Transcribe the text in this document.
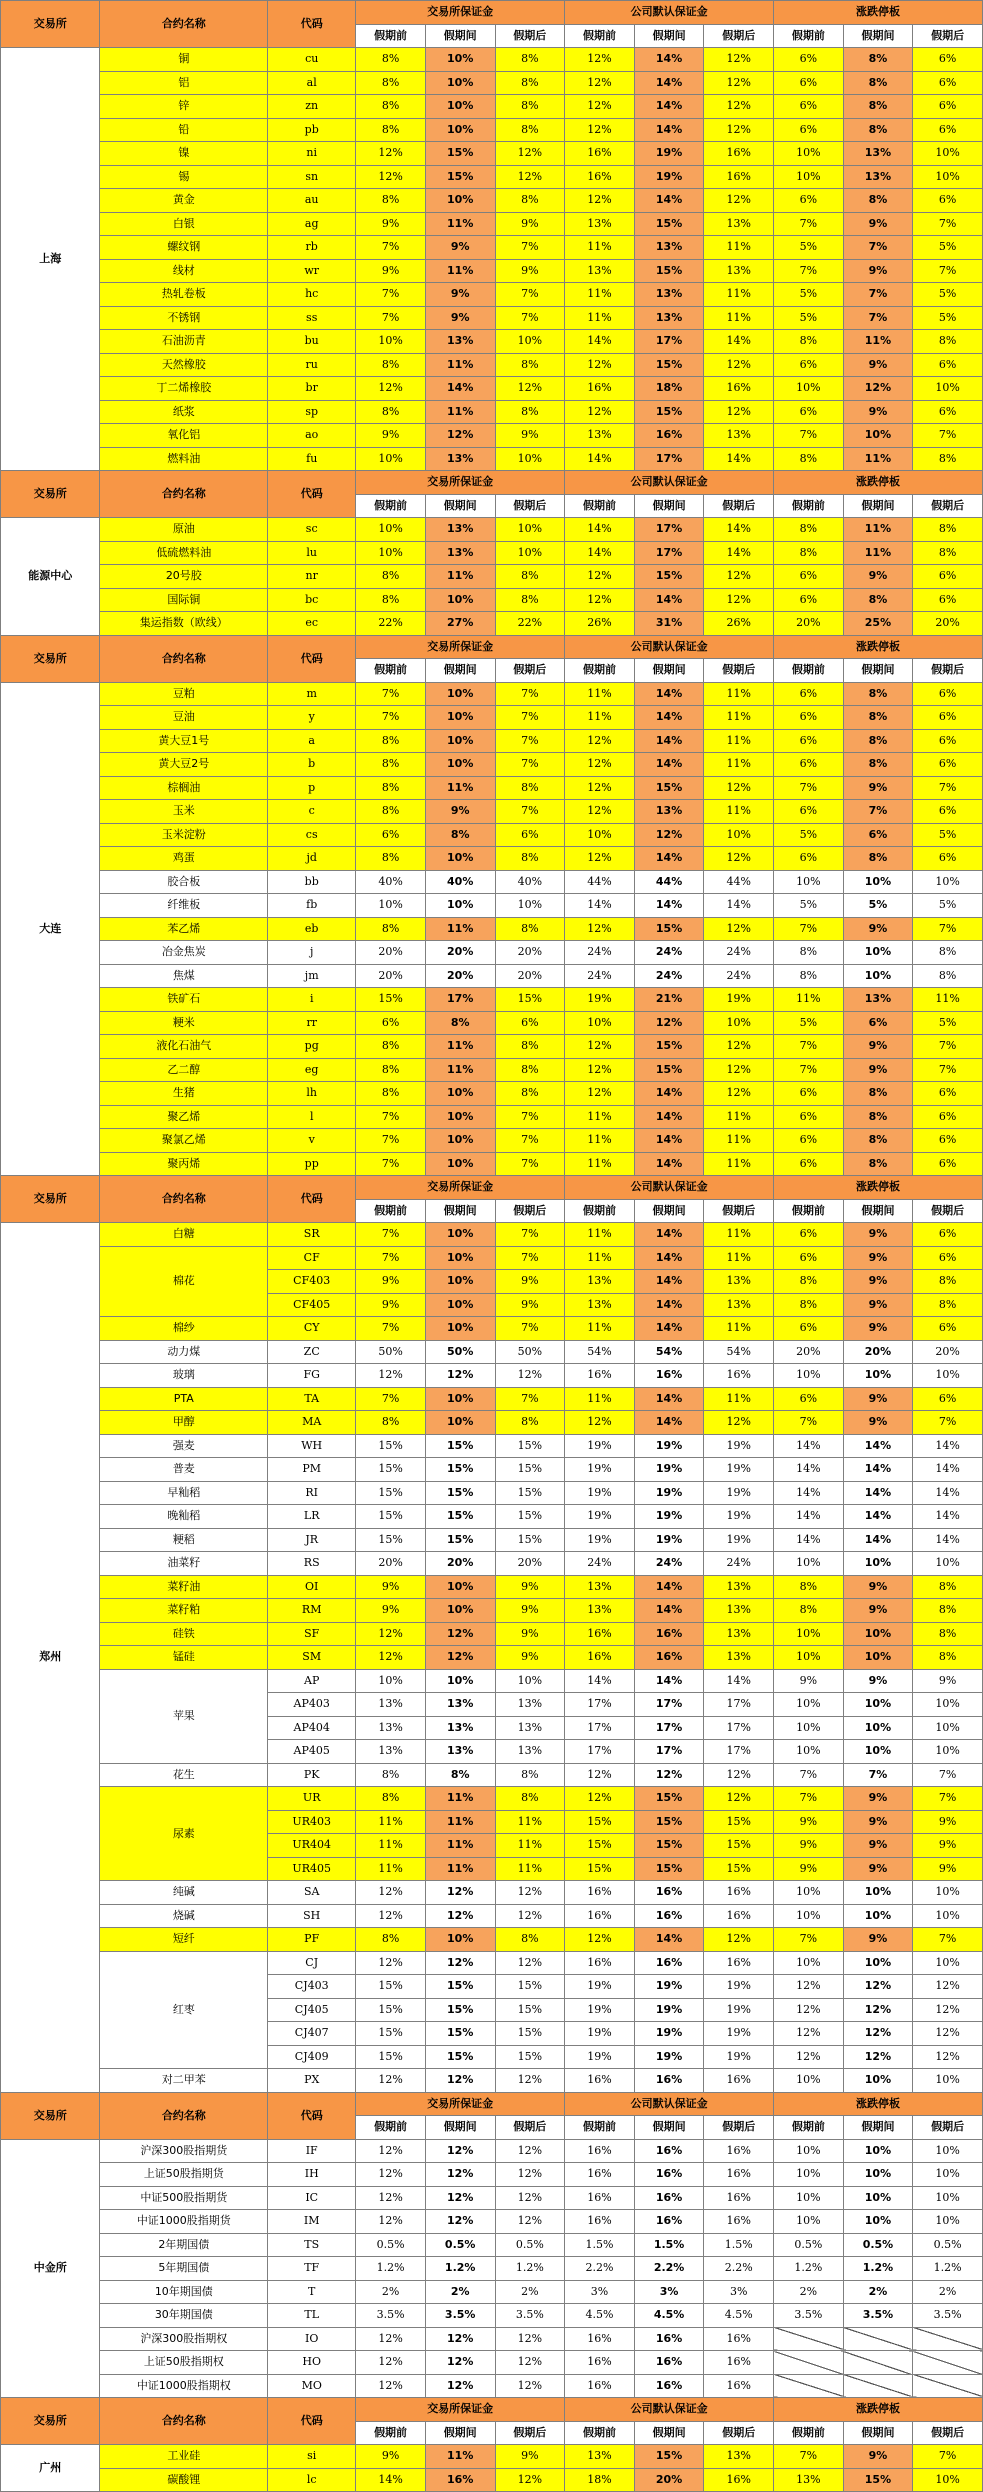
交易所	合约名称	代码	交易所保证金			公司默认保证金			涨跌停板		
			假期前	假期间	假期后	假期前	假期间	假期后	假期前	假期间	假期后
上海	铜	cu	8%	10%	8%	12%	14%	12%	6%	8%	6%
	铝	al	8%	10%	8%	12%	14%	12%	6%	8%	6%
	锌	zn	8%	10%	8%	12%	14%	12%	6%	8%	6%
	铅	pb	8%	10%	8%	12%	14%	12%	6%	8%	6%
	镍	ni	12%	15%	12%	16%	19%	16%	10%	13%	10%
	锡	sn	12%	15%	12%	16%	19%	16%	10%	13%	10%
	黄金	au	8%	10%	8%	12%	14%	12%	6%	8%	6%
	白银	ag	9%	11%	9%	13%	15%	13%	7%	9%	7%
	螺纹钢	rb	7%	9%	7%	11%	13%	11%	5%	7%	5%
	线材	wr	9%	11%	9%	13%	15%	13%	7%	9%	7%
	热轧卷板	hc	7%	9%	7%	11%	13%	11%	5%	7%	5%
	不锈钢	ss	7%	9%	7%	11%	13%	11%	5%	7%	5%
	石油沥青	bu	10%	13%	10%	14%	17%	14%	8%	11%	8%
	天然橡胶	ru	8%	11%	8%	12%	15%	12%	6%	9%	6%
	丁二烯橡胶	br	12%	14%	12%	16%	18%	16%	10%	12%	10%
	纸浆	sp	8%	11%	8%	12%	15%	12%	6%	9%	6%
	氧化铝	ao	9%	12%	9%	13%	16%	13%	7%	10%	7%
	燃料油	fu	10%	13%	10%	14%	17%	14%	8%	11%	8%
交易所	合约名称	代码	交易所保证金			公司默认保证金			涨跌停板		
			假期前	假期间	假期后	假期前	假期间	假期后	假期前	假期间	假期后
能源中心	原油	sc	10%	13%	10%	14%	17%	14%	8%	11%	8%
	低硫燃料油	lu	10%	13%	10%	14%	17%	14%	8%	11%	8%
	20号胶	nr	8%	11%	8%	12%	15%	12%	6%	9%	6%
	国际铜	bc	8%	10%	8%	12%	14%	12%	6%	8%	6%
	集运指数（欧线）	ec	22%	27%	22%	26%	31%	26%	20%	25%	20%
交易所	合约名称	代码	交易所保证金			公司默认保证金			涨跌停板		
			假期前	假期间	假期后	假期前	假期间	假期后	假期前	假期间	假期后
大连	豆粕	m	7%	10%	7%	11%	14%	11%	6%	8%	6%
	豆油	y	7%	10%	7%	11%	14%	11%	6%	8%	6%
	黄大豆1号	a	8%	10%	7%	12%	14%	11%	6%	8%	6%
	黄大豆2号	b	8%	10%	7%	12%	14%	11%	6%	8%	6%
	棕榈油	p	8%	11%	8%	12%	15%	12%	7%	9%	7%
	玉米	c	8%	9%	7%	12%	13%	11%	6%	7%	6%
	玉米淀粉	cs	6%	8%	6%	10%	12%	10%	5%	6%	5%
	鸡蛋	jd	8%	10%	8%	12%	14%	12%	6%	8%	6%
	胶合板	bb	40%	40%	40%	44%	44%	44%	10%	10%	10%
	纤维板	fb	10%	10%	10%	14%	14%	14%	5%	5%	5%
	苯乙烯	eb	8%	11%	8%	12%	15%	12%	7%	9%	7%
	冶金焦炭	j	20%	20%	20%	24%	24%	24%	8%	10%	8%
	焦煤	jm	20%	20%	20%	24%	24%	24%	8%	10%	8%
	铁矿石	i	15%	17%	15%	19%	21%	19%	11%	13%	11%
	粳米	rr	6%	8%	6%	10%	12%	10%	5%	6%	5%
	液化石油气	pg	8%	11%	8%	12%	15%	12%	7%	9%	7%
	乙二醇	eg	8%	11%	8%	12%	15%	12%	7%	9%	7%
	生猪	lh	8%	10%	8%	12%	14%	12%	6%	8%	6%
	聚乙烯	l	7%	10%	7%	11%	14%	11%	6%	8%	6%
	聚氯乙烯	v	7%	10%	7%	11%	14%	11%	6%	8%	6%
	聚丙烯	pp	7%	10%	7%	11%	14%	11%	6%	8%	6%
交易所	合约名称	代码	交易所保证金			公司默认保证金			涨跌停板		
			假期前	假期间	假期后	假期前	假期间	假期后	假期前	假期间	假期后
郑州	白糖	SR	7%	10%	7%	11%	14%	11%	6%	9%	6%
	棉花	CF	7%	10%	7%	11%	14%	11%	6%	9%	6%
		CF403	9%	10%	9%	13%	14%	13%	8%	9%	8%
		CF405	9%	10%	9%	13%	14%	13%	8%	9%	8%
	棉纱	CY	7%	10%	7%	11%	14%	11%	6%	9%	6%
	动力煤	ZC	50%	50%	50%	54%	54%	54%	20%	20%	20%
	玻璃	FG	12%	12%	12%	16%	16%	16%	10%	10%	10%
	PTA	TA	7%	10%	7%	11%	14%	11%	6%	9%	6%
	甲醇	MA	8%	10%	8%	12%	14%	12%	7%	9%	7%
	强麦	WH	15%	15%	15%	19%	19%	19%	14%	14%	14%
	普麦	PM	15%	15%	15%	19%	19%	19%	14%	14%	14%
	早籼稻	RI	15%	15%	15%	19%	19%	19%	14%	14%	14%
	晚籼稻	LR	15%	15%	15%	19%	19%	19%	14%	14%	14%
	粳稻	JR	15%	15%	15%	19%	19%	19%	14%	14%	14%
	油菜籽	RS	20%	20%	20%	24%	24%	24%	10%	10%	10%
	菜籽油	OI	9%	10%	9%	13%	14%	13%	8%	9%	8%
	菜籽粕	RM	9%	10%	9%	13%	14%	13%	8%	9%	8%
	硅铁	SF	12%	12%	9%	16%	16%	13%	10%	10%	8%
	锰硅	SM	12%	12%	9%	16%	16%	13%	10%	10%	8%
	苹果	AP	10%	10%	10%	14%	14%	14%	9%	9%	9%
		AP403	13%	13%	13%	17%	17%	17%	10%	10%	10%
		AP404	13%	13%	13%	17%	17%	17%	10%	10%	10%
		AP405	13%	13%	13%	17%	17%	17%	10%	10%	10%
	花生	PK	8%	8%	8%	12%	12%	12%	7%	7%	7%
	尿素	UR	8%	11%	8%	12%	15%	12%	7%	9%	7%
		UR403	11%	11%	11%	15%	15%	15%	9%	9%	9%
		UR404	11%	11%	11%	15%	15%	15%	9%	9%	9%
		UR405	11%	11%	11%	15%	15%	15%	9%	9%	9%
	纯碱	SA	12%	12%	12%	16%	16%	16%	10%	10%	10%
	烧碱	SH	12%	12%	12%	16%	16%	16%	10%	10%	10%
	短纤	PF	8%	10%	8%	12%	14%	12%	7%	9%	7%
	红枣	CJ	12%	12%	12%	16%	16%	16%	10%	10%	10%
		CJ403	15%	15%	15%	19%	19%	19%	12%	12%	12%
		CJ405	15%	15%	15%	19%	19%	19%	12%	12%	12%
		CJ407	15%	15%	15%	19%	19%	19%	12%	12%	12%
		CJ409	15%	15%	15%	19%	19%	19%	12%	12%	12%
	对二甲苯	PX	12%	12%	12%	16%	16%	16%	10%	10%	10%
交易所	合约名称	代码	交易所保证金			公司默认保证金			涨跌停板		
			假期前	假期间	假期后	假期前	假期间	假期后	假期前	假期间	假期后
中金所	沪深300股指期货	IF	12%	12%	12%	16%	16%	16%	10%	10%	10%
	上证50股指期货	IH	12%	12%	12%	16%	16%	16%	10%	10%	10%
	中证500股指期货	IC	12%	12%	12%	16%	16%	16%	10%	10%	10%
	中证1000股指期货	IM	12%	12%	12%	16%	16%	16%	10%	10%	10%
	2年期国债	TS	0.5%	0.5%	0.5%	1.5%	1.5%	1.5%	0.5%	0.5%	0.5%
	5年期国债	TF	1.2%	1.2%	1.2%	2.2%	2.2%	2.2%	1.2%	1.2%	1.2%
	10年期国债	T	2%	2%	2%	3%	3%	3%	2%	2%	2%
	30年期国债	TL	3.5%	3.5%	3.5%	4.5%	4.5%	4.5%	3.5%	3.5%	3.5%
	沪深300股指期权	IO	12%	12%	12%	16%	16%	16%			
	上证50股指期权	HO	12%	12%	12%	16%	16%	16%			
	中证1000股指期权	MO	12%	12%	12%	16%	16%	16%			
交易所	合约名称	代码	交易所保证金			公司默认保证金			涨跌停板		
			假期前	假期间	假期后	假期前	假期间	假期后	假期前	假期间	假期后
广州	工业硅	si	9%	11%	9%	13%	15%	13%	7%	9%	7%
	碳酸锂	lc	14%	16%	12%	18%	20%	16%	13%	15%	10%
